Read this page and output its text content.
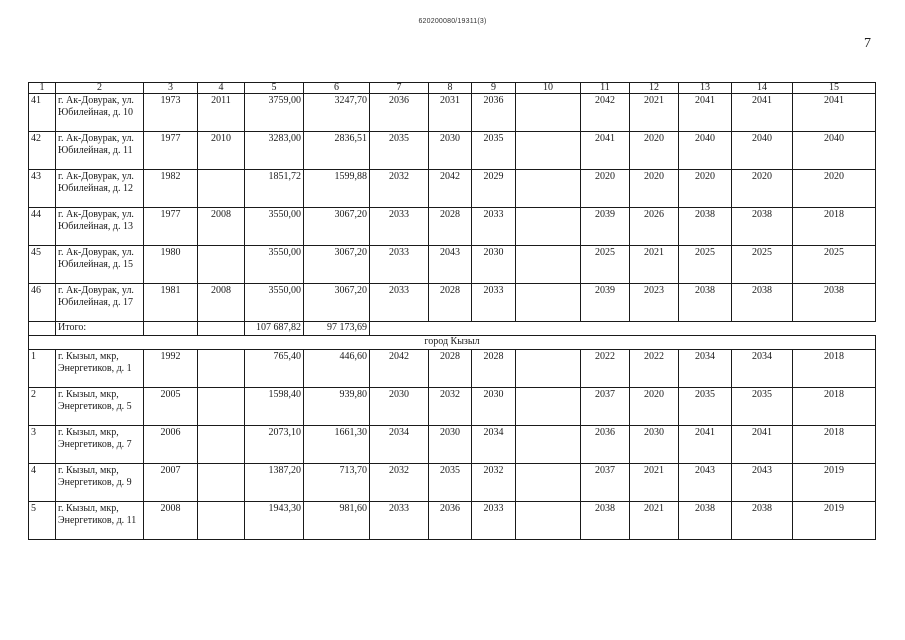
620200080/19311(3)
7
1	2	3	4	5	6	7	8	9	10	11	12	13	14	15
41	г. Ак-Довурак, ул. Юбилейная, д. 10	1973	2011	3759,00	3247,70	2036	2031	2036		2042	2021	2041	2041	2041
42	г. Ак-Довурак, ул. Юбилейная, д. 11	1977	2010	3283,00	2836,51	2035	2030	2035		2041	2020	2040	2040	2040
43	г. Ак-Довурак, ул. Юбилейная, д. 12	1982		1851,72	1599,88	2032	2042	2029		2020	2020	2020	2020	2020
44	г. Ак-Довурак, ул. Юбилейная, д. 13	1977	2008	3550,00	3067,20	2033	2028	2033		2039	2026	2038	2038	2018
45	г. Ак-Довурак, ул. Юбилейная, д. 15	1980		3550,00	3067,20	2033	2043	2030		2025	2021	2025	2025	2025
46	г. Ак-Довурак, ул. Юбилейная, д. 17	1981	2008	3550,00	3067,20	2033	2028	2033		2039	2023	2038	2038	2038
	Итого:			107 687,82	97 173,69									
город Кызыл														
1	г. Кызыл, мкр, Энергетиков, д. 1	1992		765,40	446,60	2042	2028	2028		2022	2022	2034	2034	2018
2	г. Кызыл, мкр, Энергетиков, д. 5	2005		1598,40	939,80	2030	2032	2030		2037	2020	2035	2035	2018
3	г. Кызыл, мкр, Энергетиков, д. 7	2006		2073,10	1661,30	2034	2030	2034		2036	2030	2041	2041	2018
4	г. Кызыл, мкр, Энергетиков, д. 9	2007		1387,20	713,70	2032	2035	2032		2037	2021	2043	2043	2019
5	г. Кызыл, мкр, Энергетиков, д. 11	2008		1943,30	981,60	2033	2036	2033		2038	2021	2038	2038	2019
